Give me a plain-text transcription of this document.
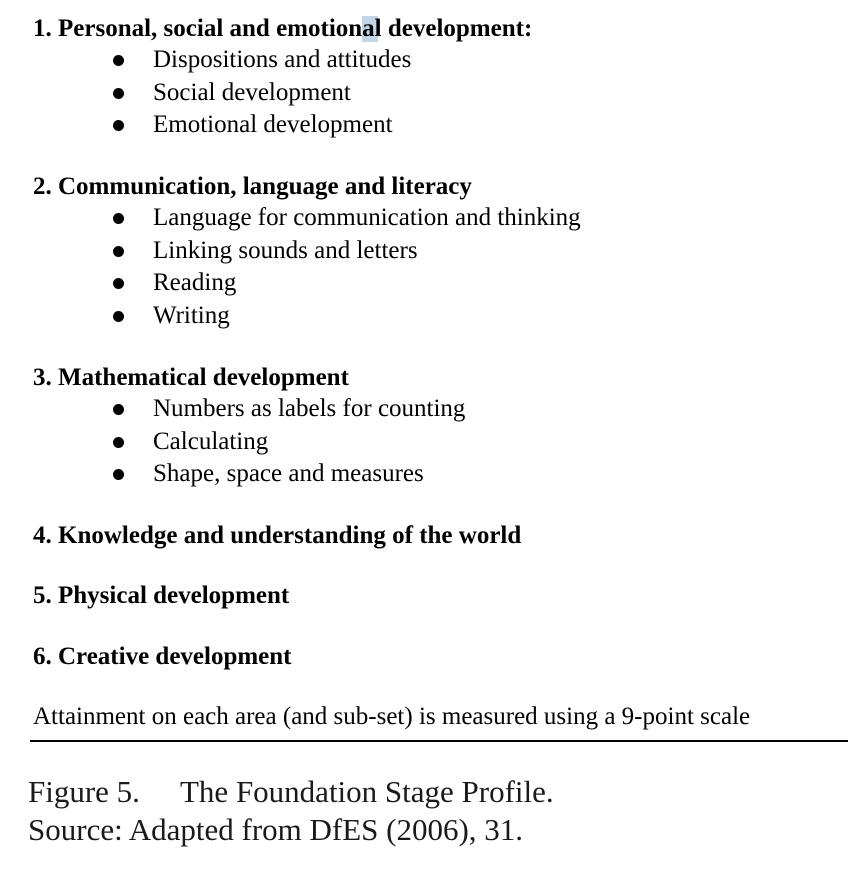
1. Personal, social and emotional development:
Dispositions and attitudes
Social development
Emotional development
2. Communication, language and literacy
Language for communication and thinking
Linking sounds and letters
Reading
Writing
3. Mathematical development
Numbers as labels for counting
Calculating
Shape, space and measures
4. Knowledge and understanding of the world
5. Physical development
6. Creative development
Attainment on each area (and sub-set) is measured using a 9-point scale
Figure 5. The Foundation Stage Profile.
Source: Adapted from DfES (2006), 31.
